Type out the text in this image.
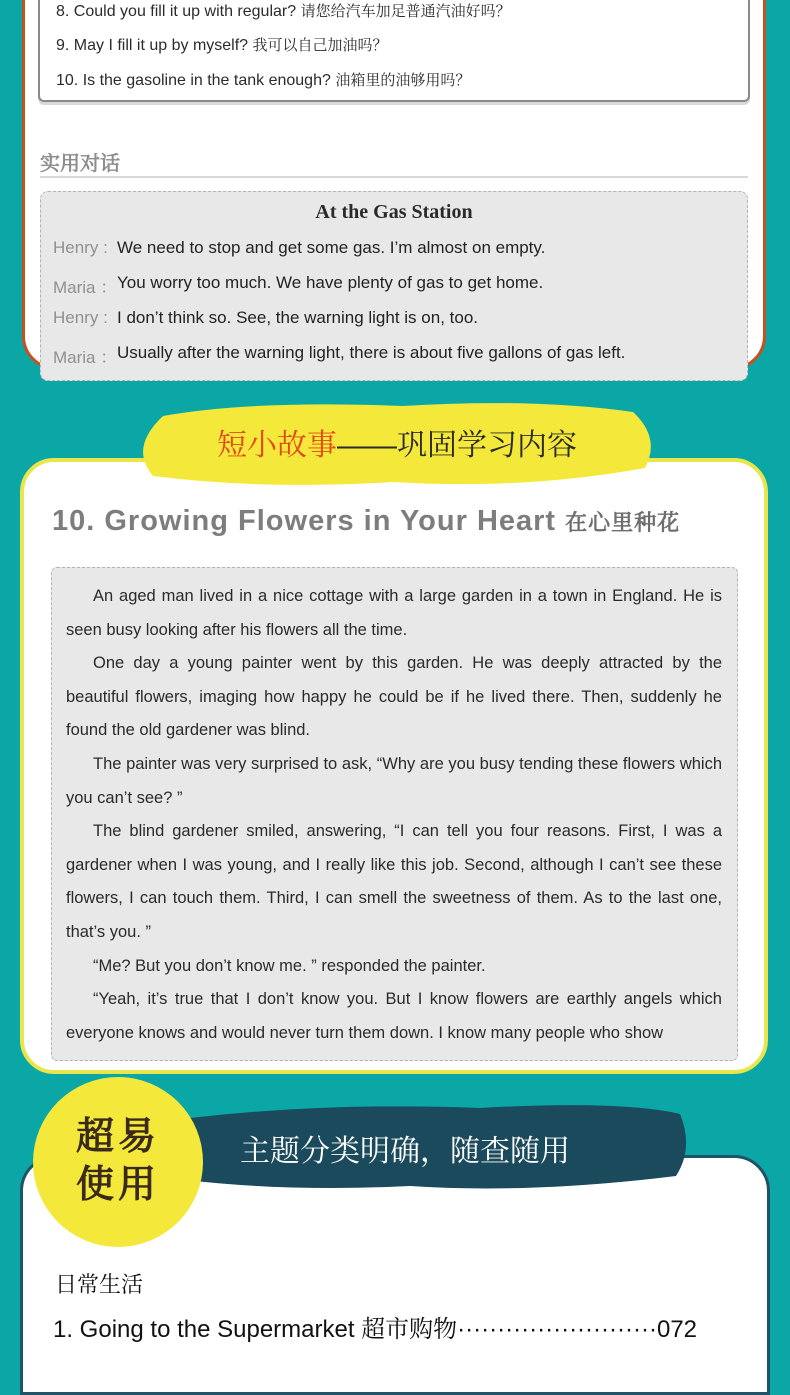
8. Could you fill it up with regular? 请您给汽车加足普通汽油好吗？
9. May I fill it up by myself? 我可以自己加油吗？
10. Is the gasoline in the tank enough? 油箱里的油够用吗？
实用对话
At the Gas Station
Henry : We need to stop and get some gas. I’m almost on empty.
Maria ： You worry too much. We have plenty of gas to get home.
Henry : I don’t think so. See, the warning light is on, too.
Maria ： Usually after the warning light, there is about five gallons of gas left.
短小故事——巩固学习内容
10. Growing Flowers in Your Heart 在心里种花

An aged man lived in a nice cottage with a large garden in a town in England. He is seen busy looking after his flowers all the time.

One day a young painter went by this garden. He was deeply attracted by the beautiful flowers, imaging how happy he could be if he lived there. Then, suddenly he found the old gardener was blind.

The painter was very surprised to ask, “Why are you busy tending these flowers which you can’t see? ”

The blind gardener smiled, answering, “I can tell you four reasons. First, I was a gardener when I was young, and I really like this job. Second, although I can’t see these flowers, I can touch them. Third, I can smell the sweetness of them. As to the last one, that’s you. ”

“Me? But you don’t know me. ” responded the painter.

“Yeah, it’s true that I don’t know you. But I know flowers are earthly angels which everyone knows and would never turn them down. I know many people who show

主题分类明确，随查随用
超易
使用
日常生活
1. Going to the Supermarket 超市购物·························072
